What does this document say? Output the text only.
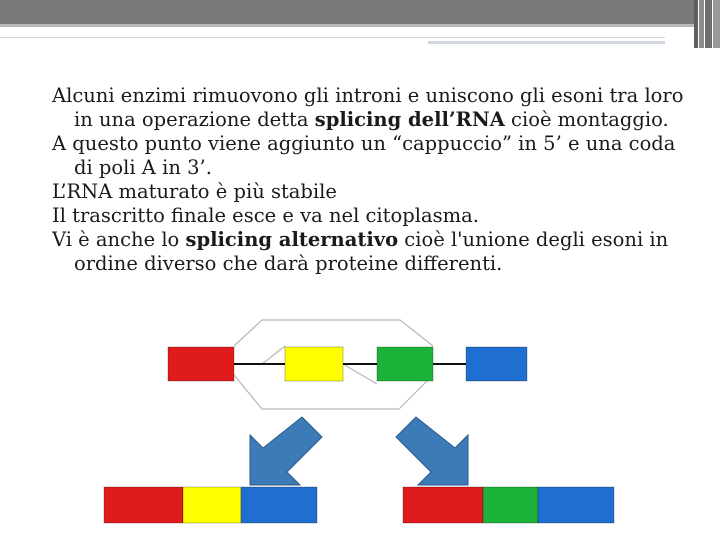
Alcuni enzimi rimuovono gli introni e uniscono gli esoni tra loro in una operazione detta splicing dell’RNA cioè montaggio.

A questo punto viene aggiunto un “cappuccio” in 5’ e una coda di poli A in 3’.

L’RNA maturato è più stabile

Il trascritto finale esce e va nel citoplasma.

Vi è anche lo splicing alternativo cioè l'unione degli esoni in ordine diverso che darà proteine differenti.
